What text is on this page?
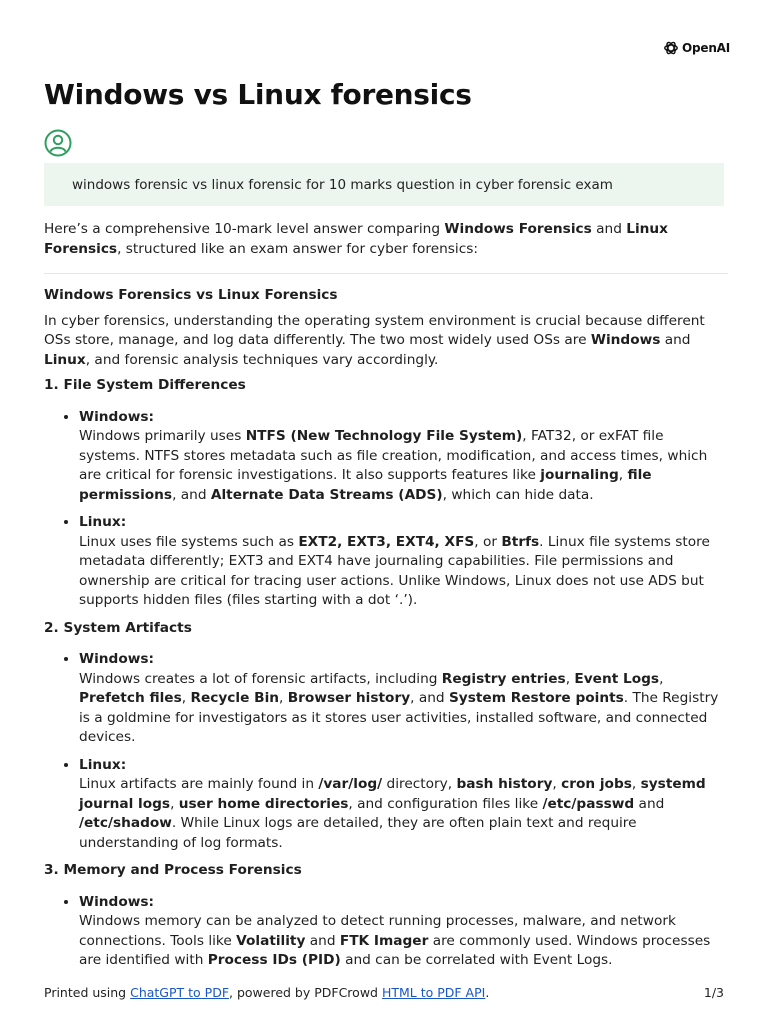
OpenAI
Windows vs Linux forensics
windows forensic vs linux forensic for 10 marks question in cyber forensic exam

Here’s a comprehensive 10-mark level answer comparing Windows Forensics and Linux Forensics, structured like an exam answer for cyber forensics:

Windows Forensics vs Linux Forensics

In cyber forensics, understanding the operating system environment is crucial because different OSs store, manage, and log data differently. The two most widely used OSs are Windows and Linux, and forensic analysis techniques vary accordingly.

1. File System Differences

• Windows:
Windows primarily uses NTFS (New Technology File System), FAT32, or exFAT file systems. NTFS stores metadata such as file creation, modification, and access times, which are critical for forensic investigations. It also supports features like journaling, file permissions, and Alternate Data Streams (ADS), which can hide data.
• Linux:
Linux uses file systems such as EXT2, EXT3, EXT4, XFS, or Btrfs. Linux file systems store metadata differently; EXT3 and EXT4 have journaling capabilities. File permissions and ownership are critical for tracing user actions. Unlike Windows, Linux does not use ADS but supports hidden files (files starting with a dot ‘.’).

2. System Artifacts

• Windows:
Windows creates a lot of forensic artifacts, including Registry entries, Event Logs, Prefetch files, Recycle Bin, Browser history, and System Restore points. The Registry is a goldmine for investigators as it stores user activities, installed software, and connected devices.
• Linux:
Linux artifacts are mainly found in /var/log/ directory, bash history, cron jobs, systemd journal logs, user home directories, and configuration files like /etc/passwd and /etc/shadow. While Linux logs are detailed, they are often plain text and require understanding of log formats.

3. Memory and Process Forensics

• Windows:
Windows memory can be analyzed to detect running processes, malware, and network connections. Tools like Volatility and FTK Imager are commonly used. Windows processes are identified with Process IDs (PID) and can be correlated with Event Logs.
Printed using ChatGPT to PDF, powered by PDFCrowd HTML to PDF API.	1/3
